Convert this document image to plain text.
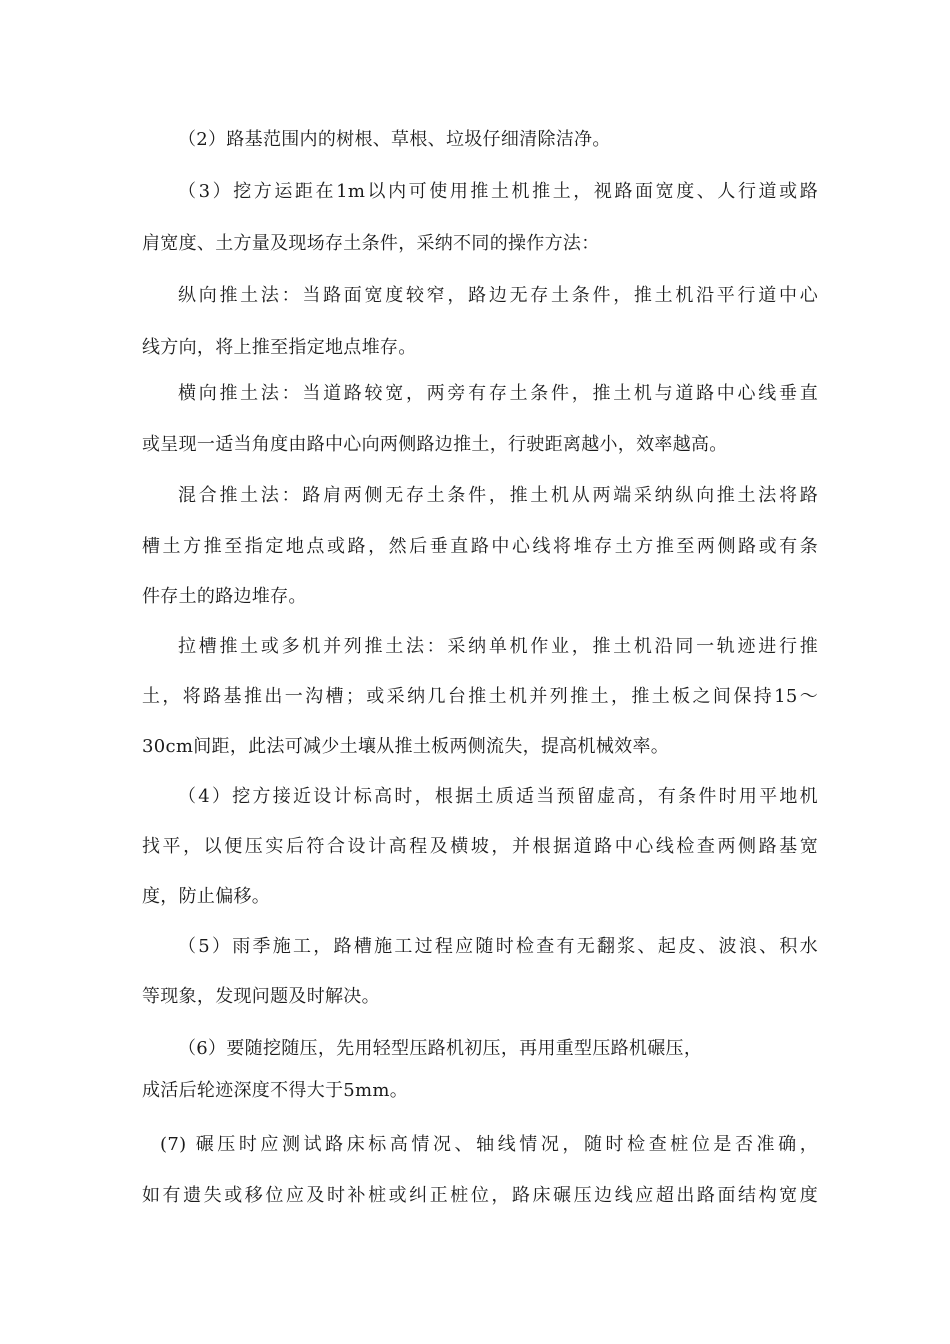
（2）路基范围内的树根、草根、垃圾仔细清除洁净。
（3）挖方运距在1m以内可使用推土机推土，视路面宽度、人行道或路
肩宽度、土方量及现场存土条件，采纳不同的操作方法：
纵向推土法：当路面宽度较窄，路边无存土条件，推土机沿平行道中心
线方向，将上推至指定地点堆存。
横向推土法：当道路较宽，两旁有存土条件，推土机与道路中心线垂直
或呈现一适当角度由路中心向两侧路边推土，行驶距离越小，效率越高。
混合推土法：路肩两侧无存土条件，推土机从两端采纳纵向推土法将路
槽土方推至指定地点或路，然后垂直路中心线将堆存土方推至两侧路或有条
件存土的路边堆存。
拉槽推土或多机并列推土法：采纳单机作业，推土机沿同一轨迹进行推
土，将路基推出一沟槽；或采纳几台推土机并列推土，推土板之间保持15〜
30cm间距，此法可减少土壤从推土板两侧流失，提高机械效率。
（4）挖方接近设计标高时，根据土质适当预留虚高，有条件时用平地机
找平，以便压实后符合设计高程及横坡，并根据道路中心线检查两侧路基宽
度，防止偏移。
（5）雨季施工，路槽施工过程应随时检查有无翻浆、起皮、波浪、积水
等现象，发现问题及时解决。
（6）要随挖随压，先用轻型压路机初压，再用重型压路机碾压，
成活后轮迹深度不得大于5mm。
(7) 碾压时应测试路床标高情况、轴线情况，随时检查桩位是否准确，
如有遗失或移位应及时补桩或纠正桩位，路床碾压边线应超出路面结构宽度
